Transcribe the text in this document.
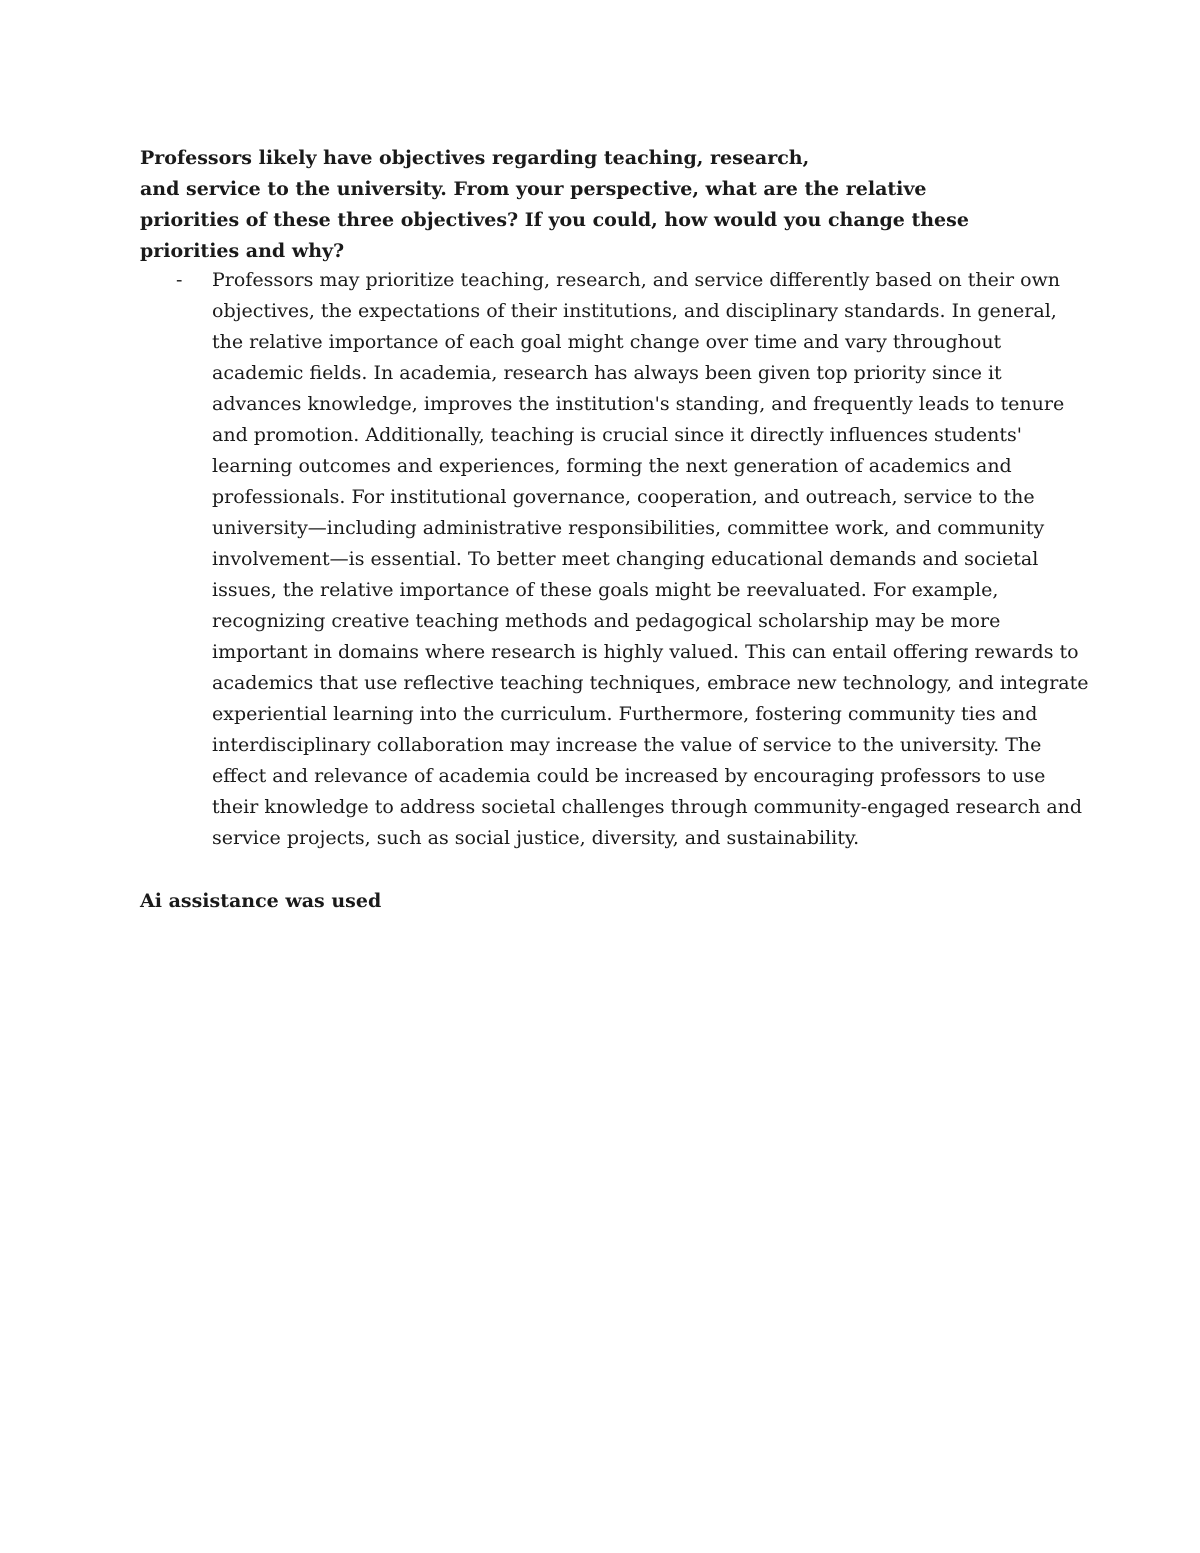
Professors likely have objectives regarding teaching, research,
and service to the university. From your perspective, what are the relative
priorities of these three objectives? If you could, how would you change these
priorities and why?

- Professors may prioritize teaching, research, and service differently based on their own
objectives, the expectations of their institutions, and disciplinary standards. In general,
the relative importance of each goal might change over time and vary throughout
academic fields. In academia, research has always been given top priority since it
advances knowledge, improves the institution's standing, and frequently leads to tenure
and promotion. Additionally, teaching is crucial since it directly influences students'
learning outcomes and experiences, forming the next generation of academics and
professionals. For institutional governance, cooperation, and outreach, service to the
university—including administrative responsibilities, committee work, and community
involvement—is essential. To better meet changing educational demands and societal
issues, the relative importance of these goals might be reevaluated. For example,
recognizing creative teaching methods and pedagogical scholarship may be more
important in domains where research is highly valued. This can entail offering rewards to
academics that use reflective teaching techniques, embrace new technology, and integrate
experiential learning into the curriculum. Furthermore, fostering community ties and
interdisciplinary collaboration may increase the value of service to the university. The
effect and relevance of academia could be increased by encouraging professors to use
their knowledge to address societal challenges through community-engaged research and
service projects, such as social justice, diversity, and sustainability.

Ai assistance was used
